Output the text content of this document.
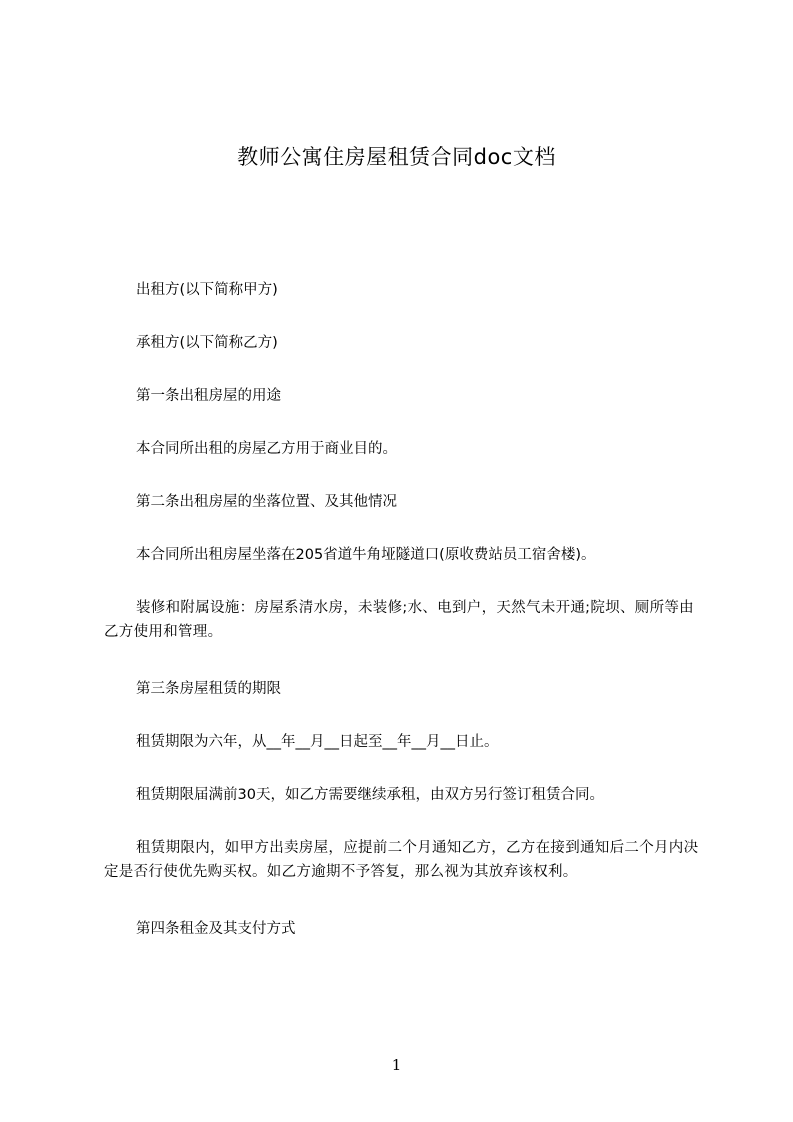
教师公寓住房屋租赁合同doc文档

出租方(以下简称甲方)

承租方(以下简称乙方)

第一条出租房屋的用途

本合同所出租的房屋乙方用于商业目的。

第二条出租房屋的坐落位置、及其他情况

本合同所出租房屋坐落在205省道牛角垭隧道口(原收费站员工宿舍楼)。

装修和附属设施：房屋系清水房，未装修;水、电到户，天然气未开通;院坝、厕所等由乙方使用和管理。

第三条房屋租赁的期限

租赁期限为六年，从__年__月__日起至__年__月__日止。

租赁期限届满前30天，如乙方需要继续承租，由双方另行签订租赁合同。

租赁期限内，如甲方出卖房屋，应提前二个月通知乙方，乙方在接到通知后二个月内决定是否行使优先购买权。如乙方逾期不予答复，那么视为其放弃该权利。

第四条租金及其支付方式

1
